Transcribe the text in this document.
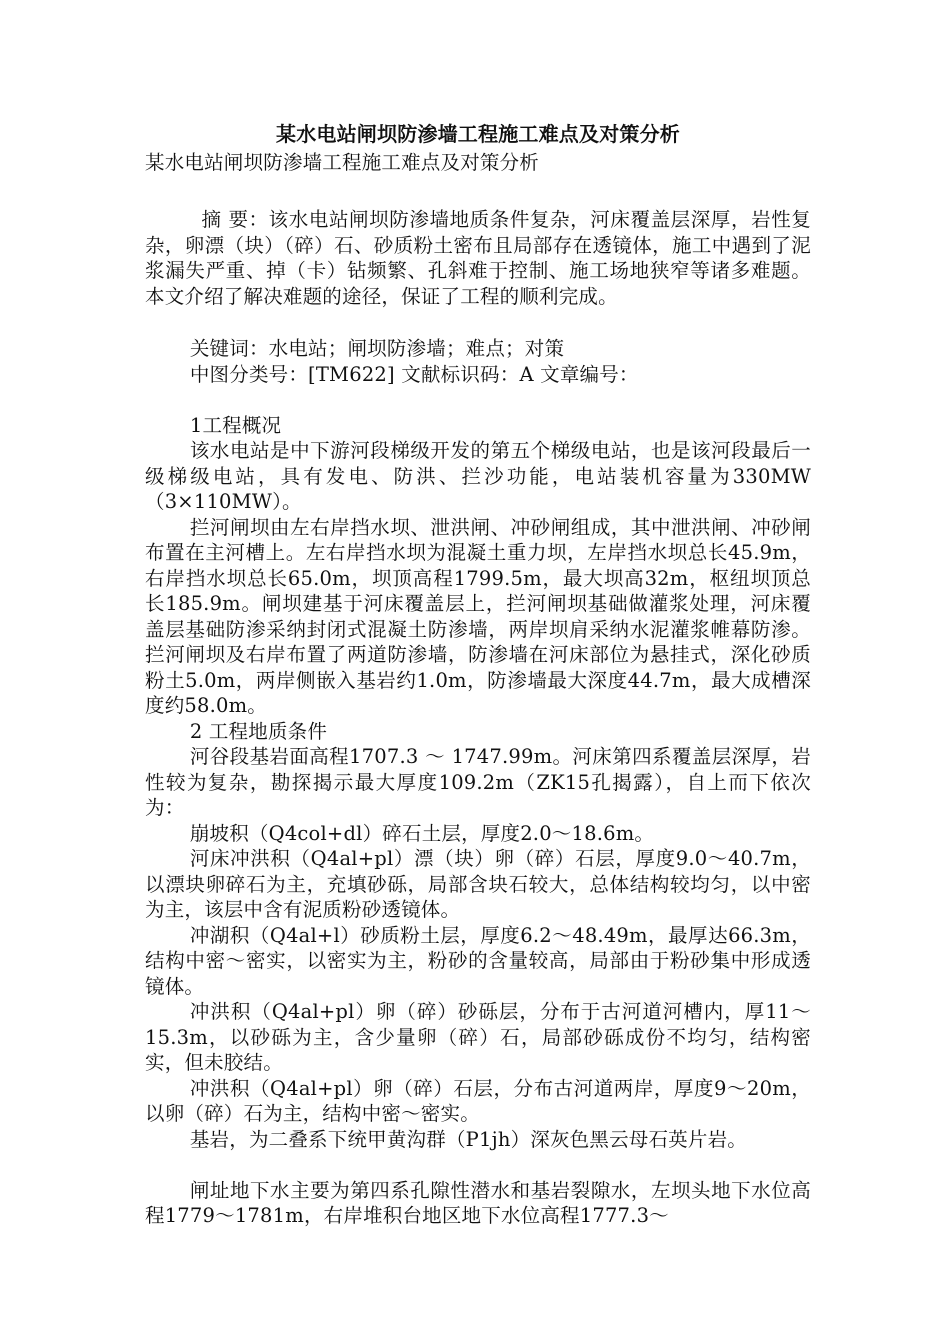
某水电站闸坝防渗墙工程施工难点及对策分析

某水电站闸坝防渗墙工程施工难点及对策分析

摘 要：该水电站闸坝防渗墙地质条件复杂，河床覆盖层深厚，岩性复杂，卵漂（块）（碎）石、砂质粉土密布且局部存在透镜体，施工中遇到了泥浆漏失严重、掉（卡）钻频繁、孔斜难于控制、施工场地狭窄等诸多难题。本文介绍了解决难题的途径，保证了工程的顺利完成。

关键词：水电站；闸坝防渗墙；难点；对策

中图分类号：[TM622] 文献标识码：A 文章编号：

1工程概况

该水电站是中下游河段梯级开发的第五个梯级电站，也是该河段最后一级梯级电站，具有发电、防洪、拦沙功能，电站装机容量为330MW（3×110MW）。

拦河闸坝由左右岸挡水坝、泄洪闸、冲砂闸组成，其中泄洪闸、冲砂闸布置在主河槽上。左右岸挡水坝为混凝土重力坝，左岸挡水坝总长45.9m，右岸挡水坝总长65.0m，坝顶高程1799.5m，最大坝高32m，枢纽坝顶总长185.9m。闸坝建基于河床覆盖层上，拦河闸坝基础做灌浆处理，河床覆盖层基础防渗采纳封闭式混凝土防渗墙，两岸坝肩采纳水泥灌浆帷幕防渗。拦河闸坝及右岸布置了两道防渗墙，防渗墙在河床部位为悬挂式，深化砂质粉土5.0m，两岸侧嵌入基岩约1.0m，防渗墙最大深度44.7m，最大成槽深度约58.0m。

2 工程地质条件

河谷段基岩面高程1707.3 ～ 1747.99m。河床第四系覆盖层深厚，岩性较为复杂，勘探揭示最大厚度109.2m（ZK15孔揭露），自上而下依次为：

崩坡积（Q4col+dl）碎石土层，厚度2.0～18.6m。

河床冲洪积（Q4al+pl）漂（块）卵（碎）石层，厚度9.0～40.7m，以漂块卵碎石为主，充填砂砾，局部含块石较大，总体结构较均匀，以中密为主，该层中含有泥质粉砂透镜体。

冲湖积（Q4al+l）砂质粉土层，厚度6.2～48.49m，最厚达66.3m，结构中密～密实，以密实为主，粉砂的含量较高，局部由于粉砂集中形成透镜体。

冲洪积（Q4al+pl）卵（碎）砂砾层，分布于古河道河槽内，厚11～15.3m，以砂砾为主，含少量卵（碎）石，局部砂砾成份不均匀，结构密实，但未胶结。

冲洪积（Q4al+pl）卵（碎）石层，分布古河道两岸，厚度9～20m，以卵（碎）石为主，结构中密～密实。

基岩，为二叠系下统甲黄沟群（P1jh）深灰色黑云母石英片岩。

闸址地下水主要为第四系孔隙性潜水和基岩裂隙水，左坝头地下水位高程1779～1781m，右岸堆积台地区地下水位高程1777.3～
